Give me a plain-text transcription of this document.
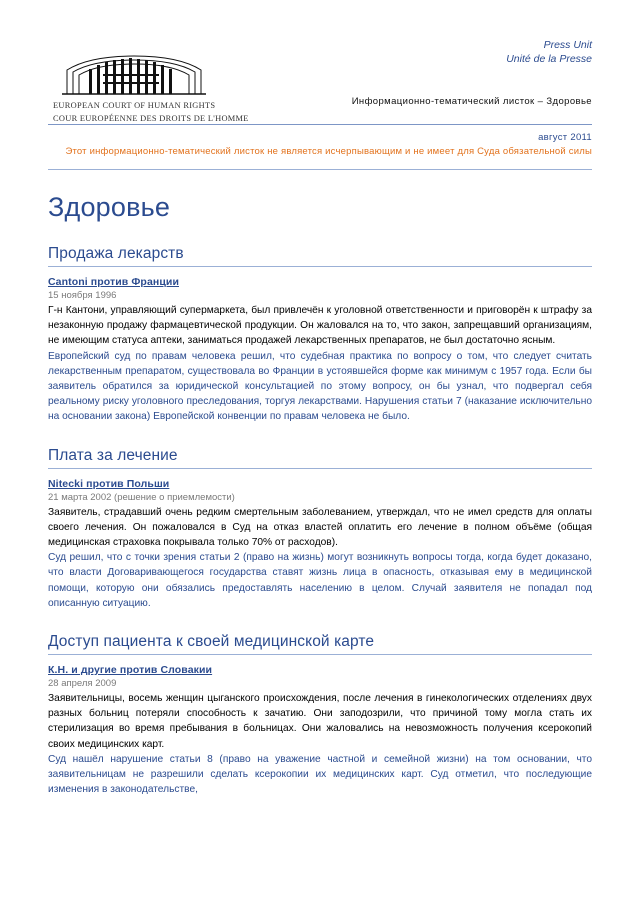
Press Unit
Unité de la Presse
EUROPEAN COURT OF HUMAN RIGHTS
COUR EUROPÉENNE DES DROITS DE L'HOMME
Информационно-тематический листок – Здоровье
август 2011
Этот информационно-тематический листок не является исчерпывающим и не имеет для Суда обязательной силы
Здоровье
Продажа лекарств
Cantoni против Франции
15 ноября 1996

Г-н Кантони, управляющий супермаркета, был привлечён к уголовной ответственности и приговорён к штрафу за незаконную продажу фармацевтической продукции. Он жаловался на то, что закон, запрещавший организациям, не имеющим статуса аптеки, заниматься продажей лекарственных препаратов, не был достаточно ясным.

Европейский суд по правам человека решил, что судебная практика по вопросу о том, что следует считать лекарственным препаратом, существовала во Франции в устоявшейся форме как минимум с 1957 года. Если бы заявитель обратился за юридической консультацией по этому вопросу, он бы узнал, что подвергал себя реальному риску уголовного преследования, торгуя лекарствами. Нарушения статьи 7 (наказание исключительно на основании закона) Европейской конвенции по правам человека не было.

Плата за лечение
Nitecki против Польши
21 марта 2002 (решение о приемлемости)

Заявитель, страдавший очень редким смертельным заболеванием, утверждал, что не имел средств для оплаты своего лечения. Он пожаловался в Суд на отказ властей оплатить его лечение в полном объёме (общая медицинская страховка покрывала только 70% от расходов).

Суд решил, что с точки зрения статьи 2 (право на жизнь) могут возникнуть вопросы тогда, когда будет доказано, что власти Договаривающегося государства ставят жизнь лица в опасность, отказывая ему в медицинской помощи, которую они обязались предоставлять населению в целом. Случай заявителя не попадал под описанную ситуацию.

Доступ пациента к своей медицинской карте
К.Н. и другие против Словакии
28 апреля 2009

Заявительницы, восемь женщин цыганского происхождения, после лечения в гинекологических отделениях двух разных больниц потеряли способность к зачатию. Они заподозрили, что причиной тому могла стать их стерилизация во время пребывания в больницах. Они жаловались на невозможность получения ксерокопий своих медицинских карт.

Суд нашёл нарушение статьи 8 (право на уважение частной и семейной жизни) на том основании, что заявительницам не разрешили сделать ксерокопии их медицинских карт. Суд отметил, что последующие изменения в законодательстве,
